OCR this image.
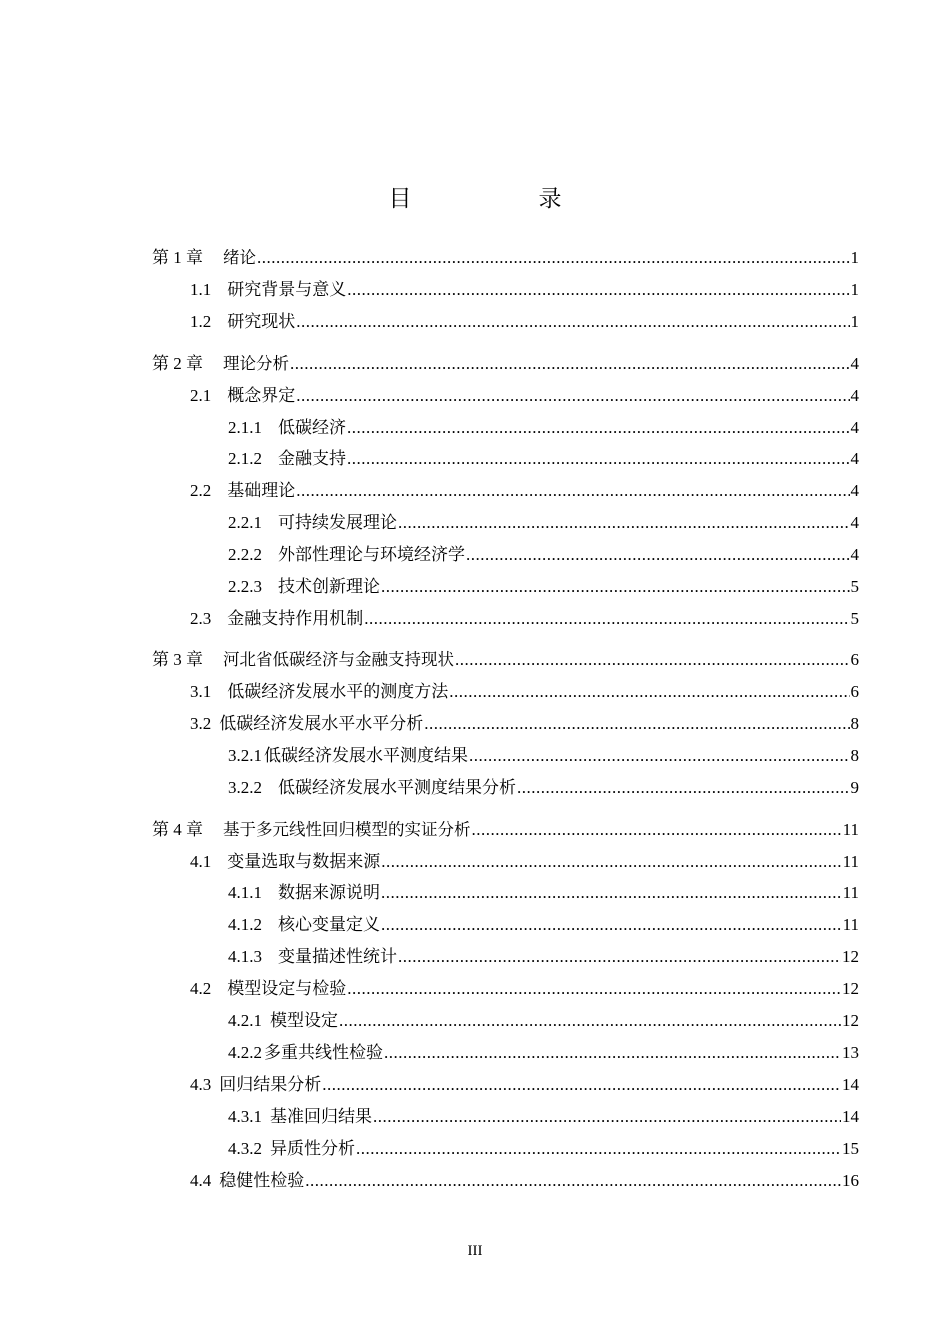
目　录
第 1 章 绪论 .....	1
1.1 研究背景与意义 .....	1
1.2 研究现状 .....	1
第 2 章 理论分析 .....	4
2.1 概念界定 .....	4
2.1.1 低碳经济 .....	4
2.1.2 金融支持 .....	4
2.2 基础理论 .....	4
2.2.1 可持续发展理论 .....	4
2.2.2 外部性理论与环境经济学 .....	4
2.2.3 技术创新理论 .....	5
2.3 金融支持作用机制 .....	5
第 3 章 河北省低碳经济与金融支持现状 .....	6
3.1 低碳经济发展水平的测度方法 .....	6
3.2 低碳经济发展水平水平分析 .....	8
3.2.1 低碳经济发展水平测度结果 .....	8
3.2.2 低碳经济发展水平测度结果分析 .....	9
第 4 章 基于多元线性回归模型的实证分析 .....	11
4.1 变量选取与数据来源 .....	11
4.1.1 数据来源说明 .....	11
4.1.2 核心变量定义 .....	11
4.1.3 变量描述性统计 .....	12
4.2 模型设定与检验 .....	12
4.2.1 模型设定 .....	12
4.2.2 多重共线性检验 .....	13
4.3 回归结果分析 .....	14
4.3.1 基准回归结果 .....	14
4.3.2 异质性分析 .....	15
4.4 稳健性检验 .....	16
III
